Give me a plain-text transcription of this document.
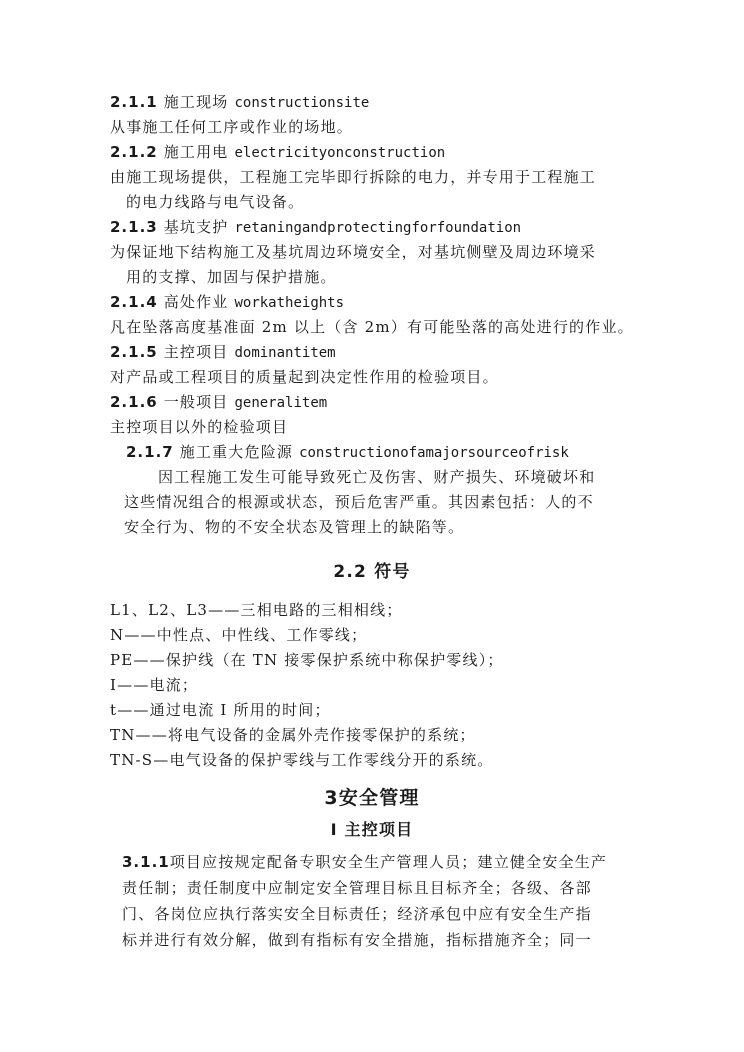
2.1.1 施工现场 constructionsite
从事施工任何工序或作业的场地。
2.1.2 施工用电 electricityonconstruction
由施工现场提供，工程施工完毕即行拆除的电力，并专用于工程施工
的电力线路与电气设备。
2.1.3 基坑支护 retaningandprotectingforfoundation
为保证地下结构施工及基坑周边环境安全，对基坑侧壁及周边环境采
用的支撑、加固与保护措施。
2.1.4 高处作业 workatheights
凡在坠落高度基准面 2m 以上（含 2m）有可能坠落的高处进行的作业。
2.1.5 主控项目 dominantitem
对产品或工程项目的质量起到决定性作用的检验项目。
2.1.6 一般项目 generalitem
主控项目以外的检验项目
2.1.7 施工重大危险源 constructionofamajorsourceofrisk
因工程施工发生可能导致死亡及伤害、财产损失、环境破坏和
这些情况组合的根源或状态，预后危害严重。其因素包括：人的不
安全行为、物的不安全状态及管理上的缺陷等。
2.2 符号
L1、L2、L3——三相电路的三相相线；
N——中性点、中性线、工作零线；
PE——保护线（在 TN 接零保护系统中称保护零线）；
I——电流；
t——通过电流 I 所用的时间；
TN——将电气设备的金属外壳作接零保护的系统；
TN-S—电气设备的保护零线与工作零线分开的系统。
3安全管理
I 主控项目
3.1.1项目应按规定配备专职安全生产管理人员；建立健全安全生产
责任制；责任制度中应制定安全管理目标且目标齐全；各级、各部
门、各岗位应执行落实安全目标责任；经济承包中应有安全生产指
标并进行有效分解，做到有指标有安全措施，指标措施齐全；同一
